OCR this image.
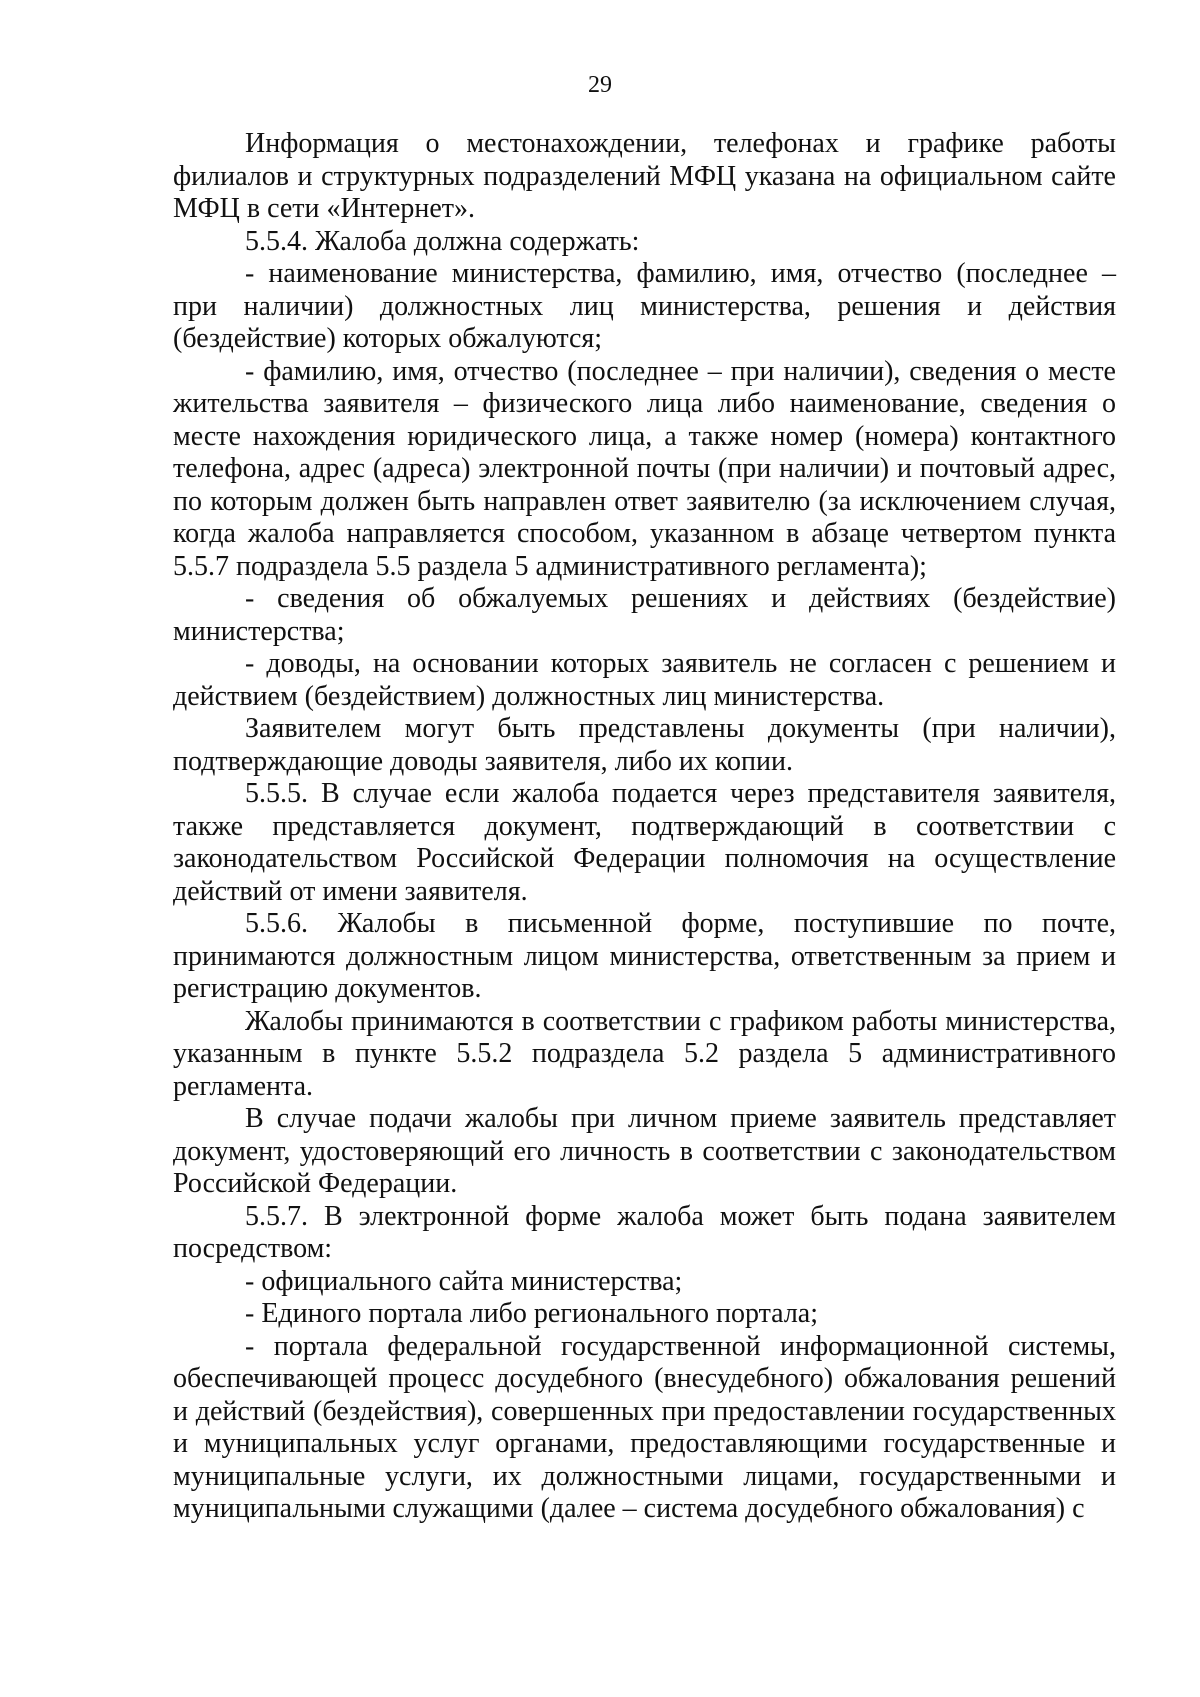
29

Информация о местонахождении, телефонах и графике работы филиалов и структурных подразделений МФЦ указана на официальном сайте МФЦ в сети «Интернет».

5.5.4. Жалоба должна содержать:

- наименование министерства, фамилию, имя, отчество (последнее – при наличии) должностных лиц министерства, решения и действия (бездействие) которых обжалуются;

- фамилию, имя, отчество (последнее – при наличии), сведения о месте жительства заявителя – физического лица либо наименование, сведения о месте нахождения юридического лица, а также номер (номера) контактного телефона, адрес (адреса) электронной почты (при наличии) и почтовый адрес, по которым должен быть направлен ответ заявителю (за исключением случая, когда жалоба направляется способом, указанном в абзаце четвертом пункта 5.5.7 подраздела 5.5 раздела 5 административного регламента);

- сведения об обжалуемых решениях и действиях (бездействие) министерства;

- доводы, на основании которых заявитель не согласен с решением и действием (бездействием) должностных лиц министерства.

Заявителем могут быть представлены документы (при наличии), подтверждающие доводы заявителя, либо их копии.

5.5.5. В случае если жалоба подается через представителя заявителя, также представляется документ, подтверждающий в соответствии с законодательством Российской Федерации полномочия на осуществление действий от имени заявителя.

5.5.6. Жалобы в письменной форме, поступившие по почте, принимаются должностным лицом министерства, ответственным за прием и регистрацию документов.

Жалобы принимаются в соответствии с графиком работы министерства, указанным в пункте 5.5.2 подраздела 5.2 раздела 5 административного регламента.

В случае подачи жалобы при личном приеме заявитель представляет документ, удостоверяющий его личность в соответствии с законодательством Российской Федерации.

5.5.7. В электронной форме жалоба может быть подана заявителем посредством:

- официального сайта министерства;

- Единого портала либо регионального портала;

- портала федеральной государственной информационной системы, обеспечивающей процесс досудебного (внесудебного) обжалования решений и действий (бездействия), совершенных при предоставлении государственных и муниципальных услуг органами, предоставляющими государственные и муниципальные услуги, их должностными лицами, государственными и муниципальными служащими (далее – система досудебного обжалования) с
